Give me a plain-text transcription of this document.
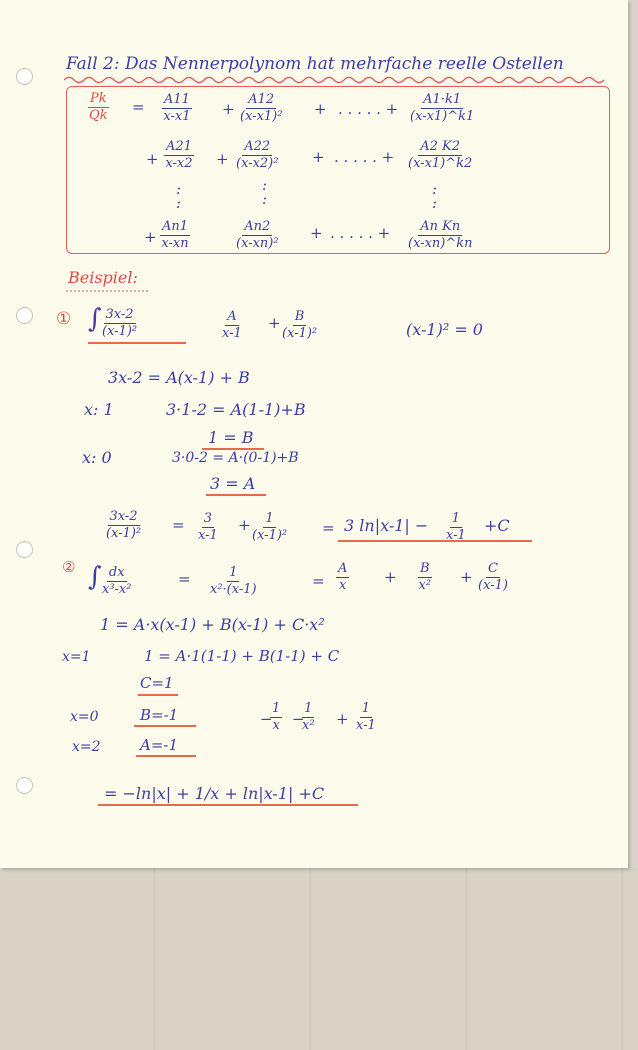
Fall 2: Das Nennerpolynom hat mehrfache reelle Ostellen
$\frac{Pk}{Qk} = \frac{A11}{x-x1} + \frac{A12}{\text{(x-x1)²}}$ + . . . . . + $\frac{A1\cdot k1}{(x-x1)\^{}k1}$
+ $\frac{A21}{x-x2} + \frac{A22}{\text{(x-x2)²}}$ + . . . . . + $\frac{A2 K2}{(x-x1)\^{}k2}$
:
:
:
:
:
:
+ $\frac{An1}{x-xn}$	$\frac{An2}{\text{(x-xn)²}}$ + . . . . . + $\frac{\text{An Kn}}{(x-xn)\^{}kn}$
Beispiel:
① ∫ $\frac{3x-2}{\text{(x-1)²}}$	$\frac{A}{x-1} + \frac{B}{\text{(x-1)²}}$	(x-1)² = 0
3x-2 = A(x-1) + B
x: 1	3·1-2 = A(1-1)+B
1 = B
x: 0	3·0-2 = A·(0-1)+B
3 = A
$\frac{3x-2}{\text{(x-1)²}} = \frac{3}{x-1} + \frac{1}{\text{(x-1)²}} = 3$ $\ln|x-1| - \frac{1}{x-1} +C$
② ∫ $\frac{dx}{\text{x³-x²}}$	= $\frac{1}{\text{x²·(x-1)}}$	= $\frac{A}{x} + \frac{B}{\text{x²}} + \frac{C}{(x-1)}$
1 = A·x(x-1) + B(x-1) + C·x²
x=1	1 = A·1(1-1) + B(1-1) + C
C=1
x=0	B=-1	−
$\frac{1}{x}$ −
$\frac{1}{\text{x²}} + \frac{1}{x-1}$
x=2	A=-1
= −ln|x| + 1/x + ln|x-1| +C
